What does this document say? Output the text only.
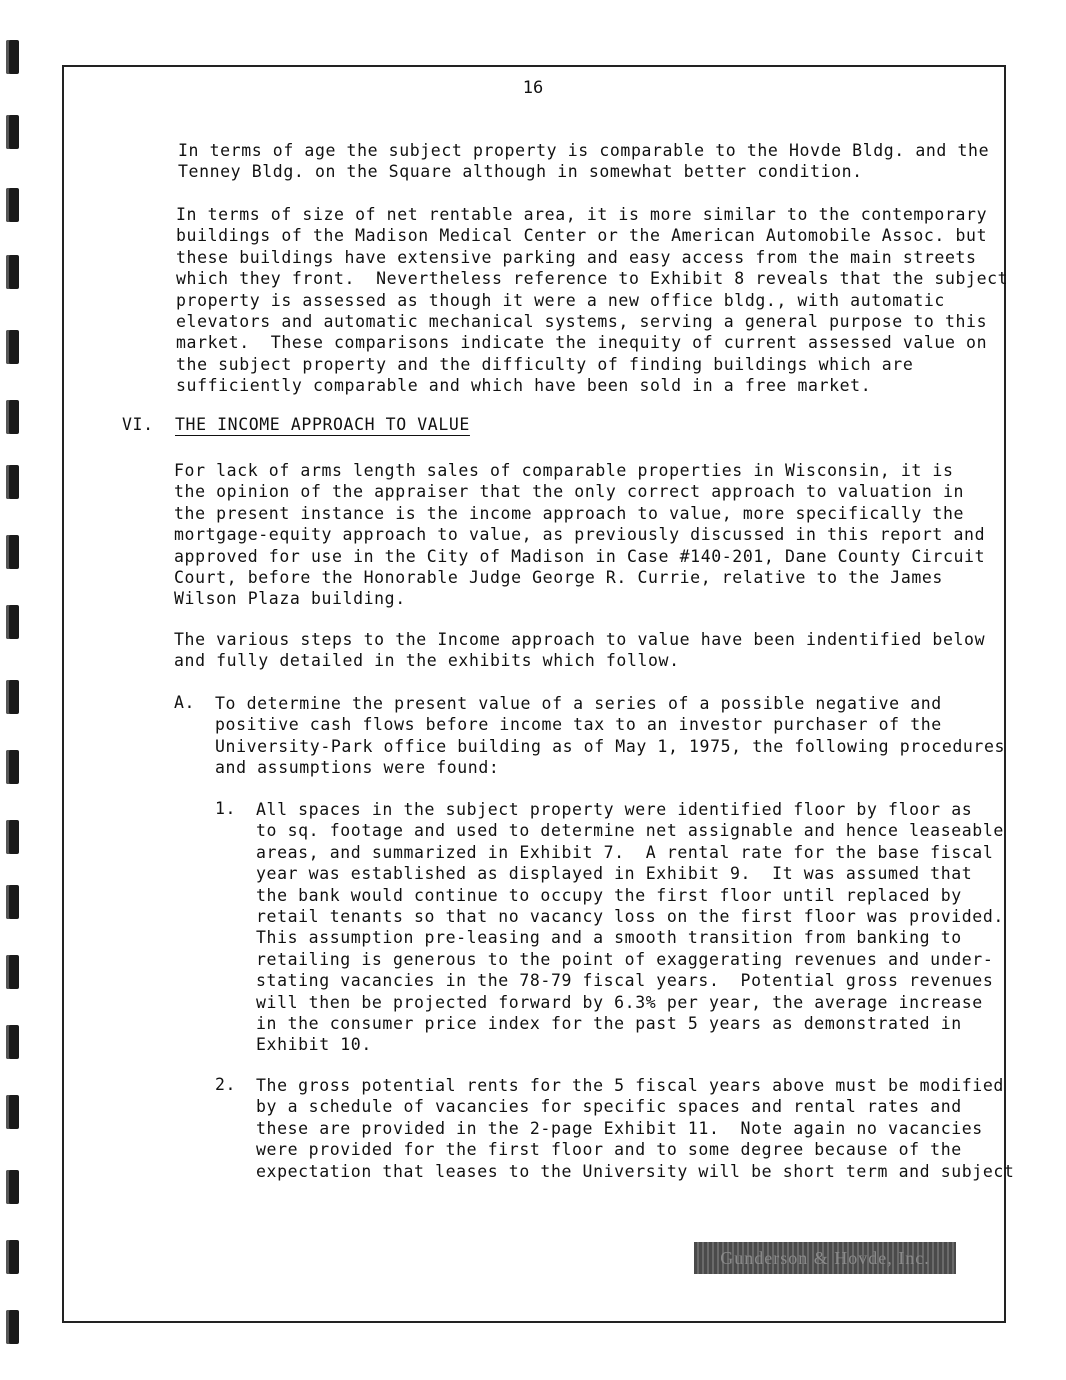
16

In terms of age the subject property is comparable to the Hovde Bldg. and the
Tenney Bldg. on the Square although in somewhat better condition.

In terms of size of net rentable area, it is more similar to the contemporary
buildings of the Madison Medical Center or the American Automobile Assoc. but
these buildings have extensive parking and easy access from the main streets
which they front.  Nevertheless reference to Exhibit 8 reveals that the subject
property is assessed as though it were a new office bldg., with automatic
elevators and automatic mechanical systems, serving a general purpose to this
market.  These comparisons indicate the inequity of current assessed value on
the subject property and the difficulty of finding buildings which are
sufficiently comparable and which have been sold in a free market.

VI. THE INCOME APPROACH TO VALUE

For lack of arms length sales of comparable properties in Wisconsin, it is
the opinion of the appraiser that the only correct approach to valuation in
the present instance is the income approach to value, more specifically the
mortgage-equity approach to value, as previously discussed in this report and
approved for use in the City of Madison in Case #140-201, Dane County Circuit
Court, before the Honorable Judge George R. Currie, relative to the James
Wilson Plaza building.

The various steps to the Income approach to value have been indentified below
and fully detailed in the exhibits which follow.

A. To determine the present value of a series of a possible negative and
positive cash flows before income tax to an investor purchaser of the
University-Park office building as of May 1, 1975, the following procedures
and assumptions were found:

1. All spaces in the subject property were identified floor by floor as
to sq. footage and used to determine net assignable and hence leaseable
areas, and summarized in Exhibit 7.  A rental rate for the base fiscal
year was established as displayed in Exhibit 9.  It was assumed that
the bank would continue to occupy the first floor until replaced by
retail tenants so that no vacancy loss on the first floor was provided.
This assumption pre-leasing and a smooth transition from banking to
retailing is generous to the point of exaggerating revenues and under-
stating vacancies in the 78-79 fiscal years.  Potential gross revenues
will then be projected forward by 6.3% per year, the average increase
in the consumer price index for the past 5 years as demonstrated in
Exhibit 10.

2. The gross potential rents for the 5 fiscal years above must be modified
by a schedule of vacancies for specific spaces and rental rates and
these are provided in the 2-page Exhibit 11.  Note again no vacancies
were provided for the first floor and to some degree because of the
expectation that leases to the University will be short term and subject

Gunderson & Hovde, Inc.
